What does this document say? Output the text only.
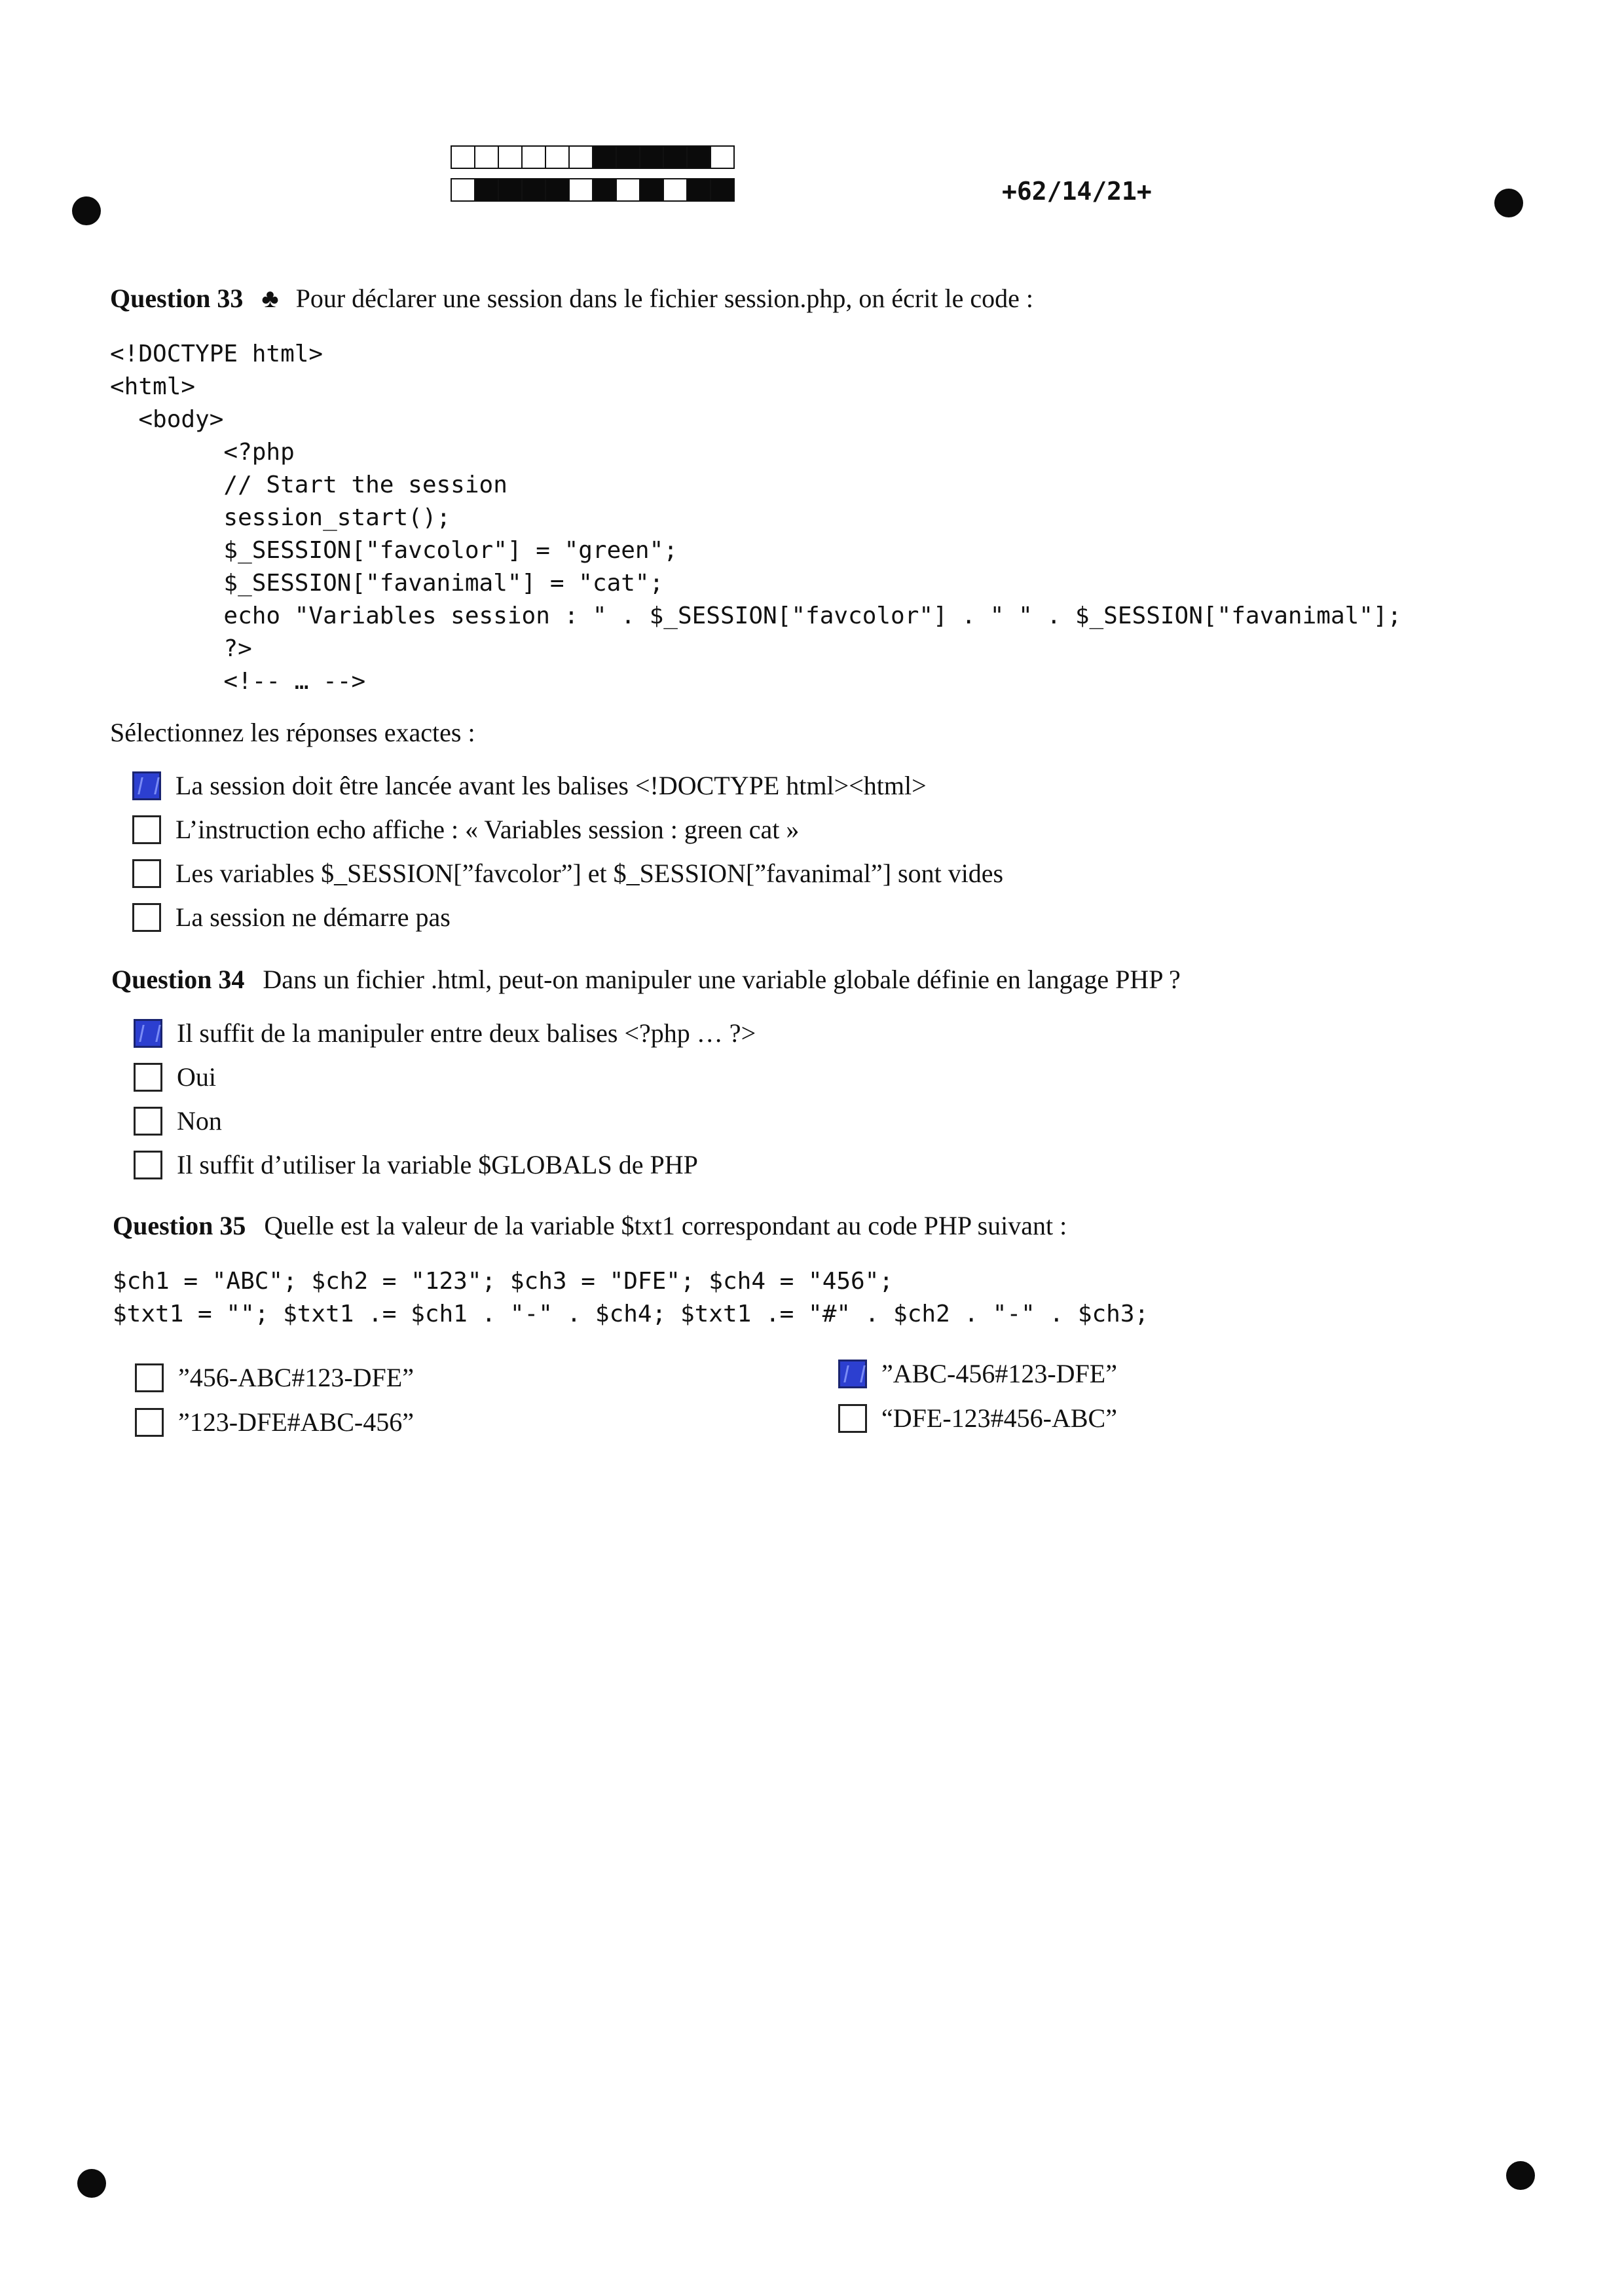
+62/14/21+
Question 33 ♣ Pour déclarer une session dans le fichier session.php, on écrit le code :
<!DOCTYPE html>
<html>
<body>
<?php
// Start the session
session_start();
$_SESSION["favcolor"] = "green";
$_SESSION["favanimal"] = "cat";
echo "Variables session : " . $_SESSION["favcolor"] . " " . $_SESSION["favanimal"];
?>
<!-- … -->
Sélectionnez les réponses exactes :
La session doit être lancée avant les balises <!DOCTYPE html><html>
L’instruction echo affiche : « Variables session : green cat »
Les variables $_SESSION[”favcolor”] et $_SESSION[”favanimal”] sont vides
La session ne démarre pas
Question 34 Dans un fichier .html, peut-on manipuler une variable globale définie en langage PHP ?
Il suffit de la manipuler entre deux balises <?php … ?>
Oui
Non
Il suffit d’utiliser la variable $GLOBALS de PHP
Question 35 Quelle est la valeur de la variable $txt1 correspondant au code PHP suivant :
$ch1 = "ABC"; $ch2 = "123"; $ch3 = "DFE"; $ch4 = "456";
$txt1 = ""; $txt1 .= $ch1 . "-" . $ch4; $txt1 .= "#" . $ch2 . "-" . $ch3;
”456-ABC#123-DFE”
”123-DFE#ABC-456”
”ABC-456#123-DFE”
“DFE-123#456-ABC”
